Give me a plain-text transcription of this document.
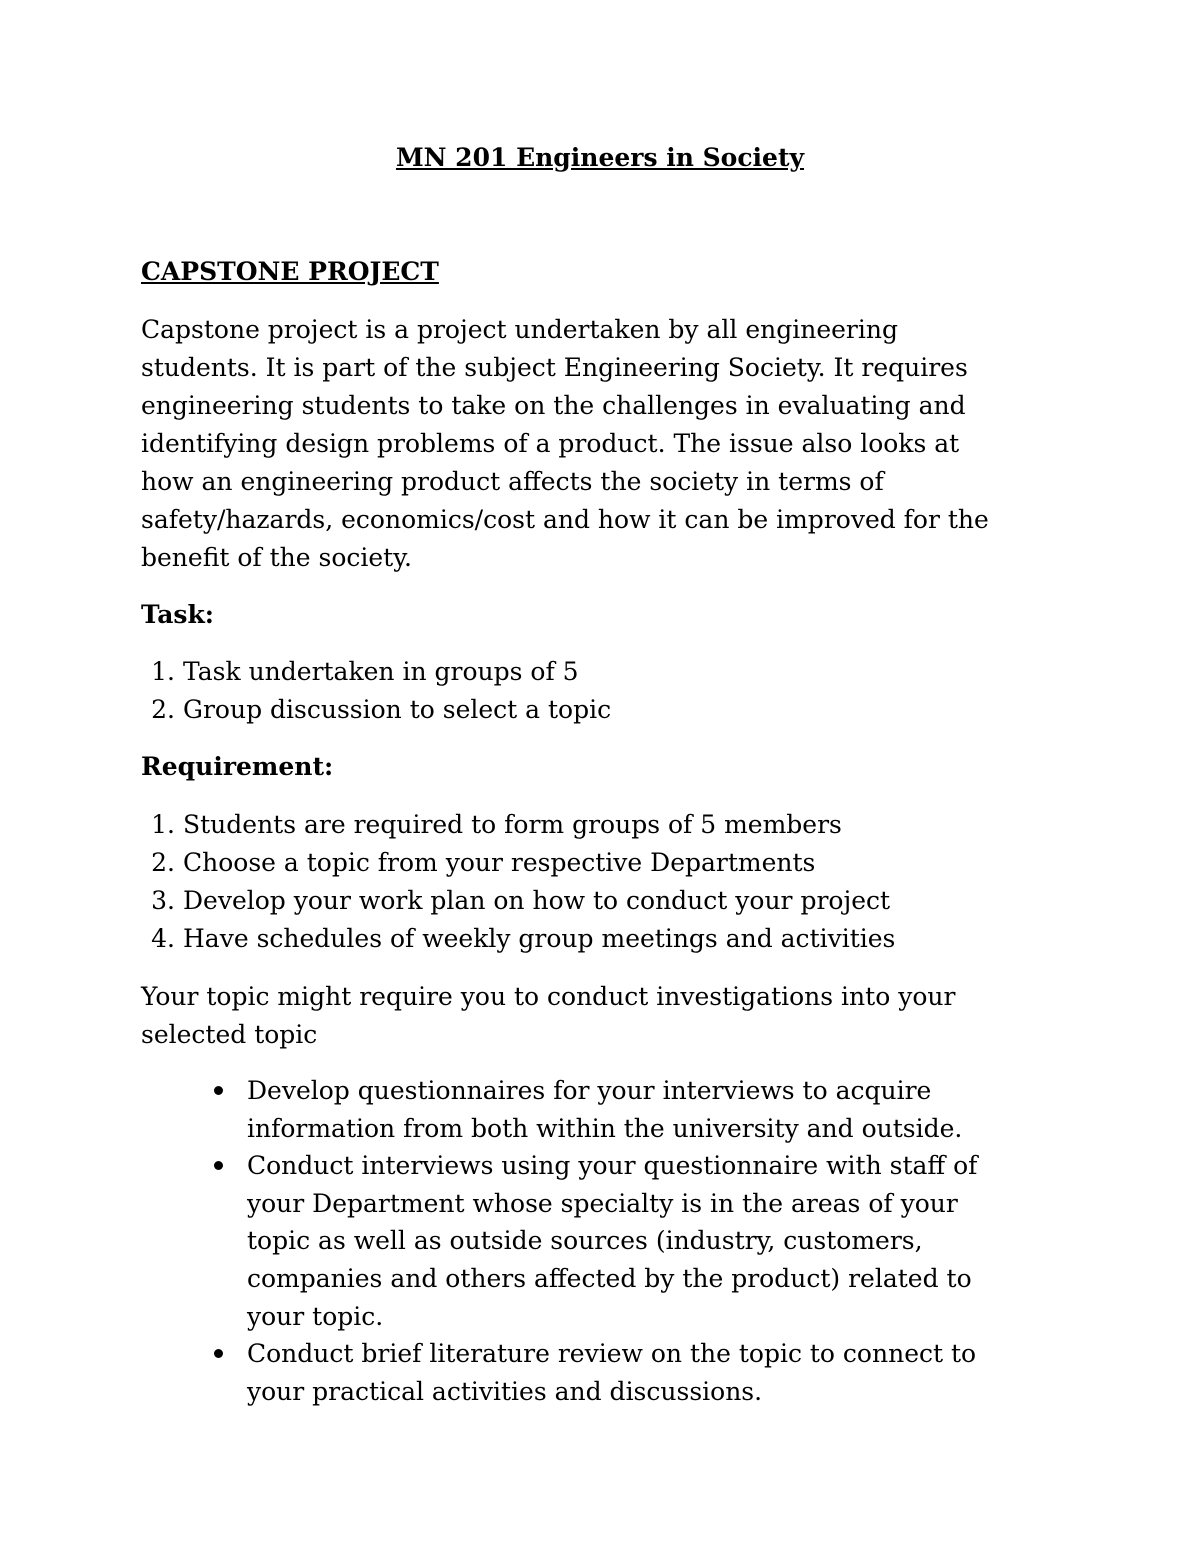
MN 201 Engineers in Society
CAPSTONE PROJECT
Capstone project is a project undertaken by all engineering
students. It is part of the subject Engineering Society. It requires
engineering students to take on the challenges in evaluating and
identifying design problems of a product. The issue also looks at
how an engineering product affects the society in terms of
safety/hazards, economics/cost and how it can be improved for the
benefit of the society.
Task:
1. Task undertaken in groups of 5
2. Group discussion to select a topic
Requirement:
1. Students are required to form groups of 5 members
2. Choose a topic from your respective Departments
3. Develop your work plan on how to conduct your project
4. Have schedules of weekly group meetings and activities
Your topic might require you to conduct investigations into your
selected topic
Develop questionnaires for your interviews to acquire
information from both within the university and outside.
Conduct interviews using your questionnaire with staff of
your Department whose specialty is in the areas of your
topic as well as outside sources (industry, customers,
companies and others affected by the product) related to
your topic.
Conduct brief literature review on the topic to connect to
your practical activities and discussions.
